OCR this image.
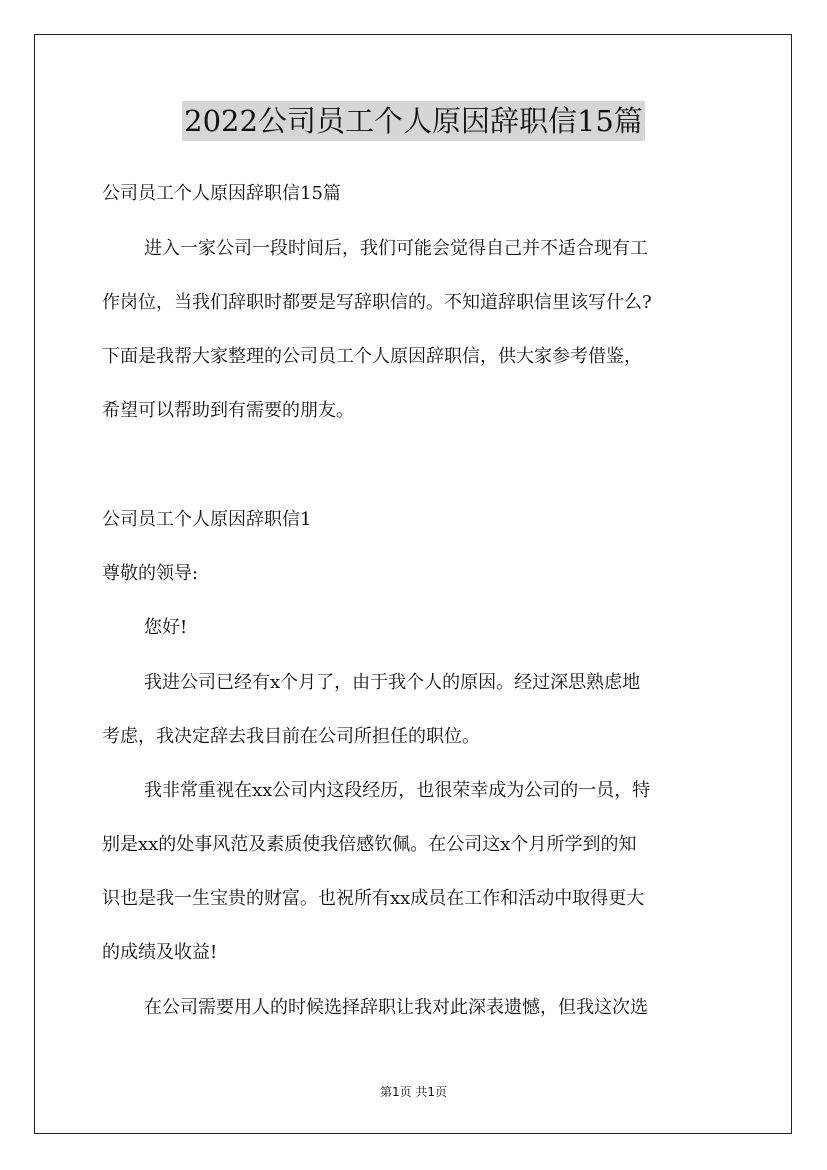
2022公司员工个人原因辞职信15篇
公司员工个人原因辞职信15篇
进入一家公司一段时间后，我们可能会觉得自己并不适合现有工
作岗位，当我们辞职时都要是写辞职信的。不知道辞职信里该写什么?
下面是我帮大家整理的公司员工个人原因辞职信，供大家参考借鉴，
希望可以帮助到有需要的朋友。
公司员工个人原因辞职信1
尊敬的领导:
您好!
我进公司已经有x个月了，由于我个人的原因。经过深思熟虑地
考虑，我决定辞去我目前在公司所担任的职位。
我非常重视在xx公司内这段经历，也很荣幸成为公司的一员，特
别是xx的处事风范及素质使我倍感钦佩。在公司这x个月所学到的知
识也是我一生宝贵的财富。也祝所有xx成员在工作和活动中取得更大
的成绩及收益!
在公司需要用人的时候选择辞职让我对此深表遗憾，但我这次选
第1页 共1页
